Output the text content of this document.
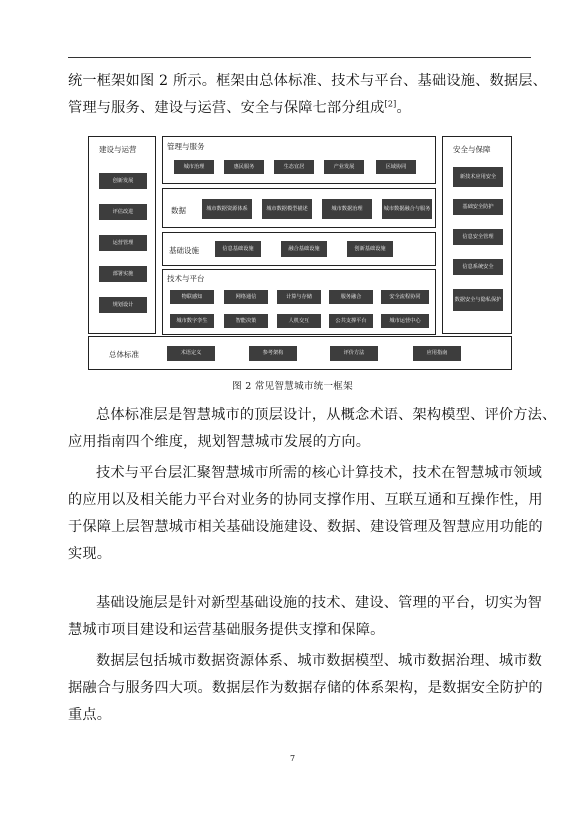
统一框架如图 2 所示。框架由总体标准、技术与平台、基础设施、数据层、
管理与服务、建设与运营、安全与保障七部分组成[2]。
建设与运营
创新发展
评估改进
运营管理
部署实施
规划设计
管理与服务
城市治理	惠民服务	生态宜居	产业发展	区域协同
数据	城市数据资源体系	城市数据模型描述	城市数据治理	城市数据融合与服务
基础设施	信息基础设施	融合基础设施	创新基础设施
技术与平台
物联感知	网络通信	计算与存储	服务融合	安全流程协同
城市数字孪生	智能决策	人机交互	公共支撑平台	城市运营中心
安全与保障
新技术应用安全
基础安全防护
信息安全管理
信息系统安全
数据安全与隐私保护
总体标准	术语定义	参考架构	评价方法	应用指南
图 2 常见智慧城市统一框架
总体标准层是智慧城市的顶层设计，从概念术语、架构模型、评价方法、
应用指南四个维度，规划智慧城市发展的方向。
技术与平台层汇聚智慧城市所需的核心计算技术，技术在智慧城市领域
的应用以及相关能力平台对业务的协同支撑作用、互联互通和互操作性，用
于保障上层智慧城市相关基础设施建设、数据、建设管理及智慧应用功能的
实现。
基础设施层是针对新型基础设施的技术、建设、管理的平台，切实为智
慧城市项目建设和运营基础服务提供支撑和保障。
数据层包括城市数据资源体系、城市数据模型、城市数据治理、城市数
据融合与服务四大项。数据层作为数据存储的体系架构，是数据安全防护的
重点。
7
